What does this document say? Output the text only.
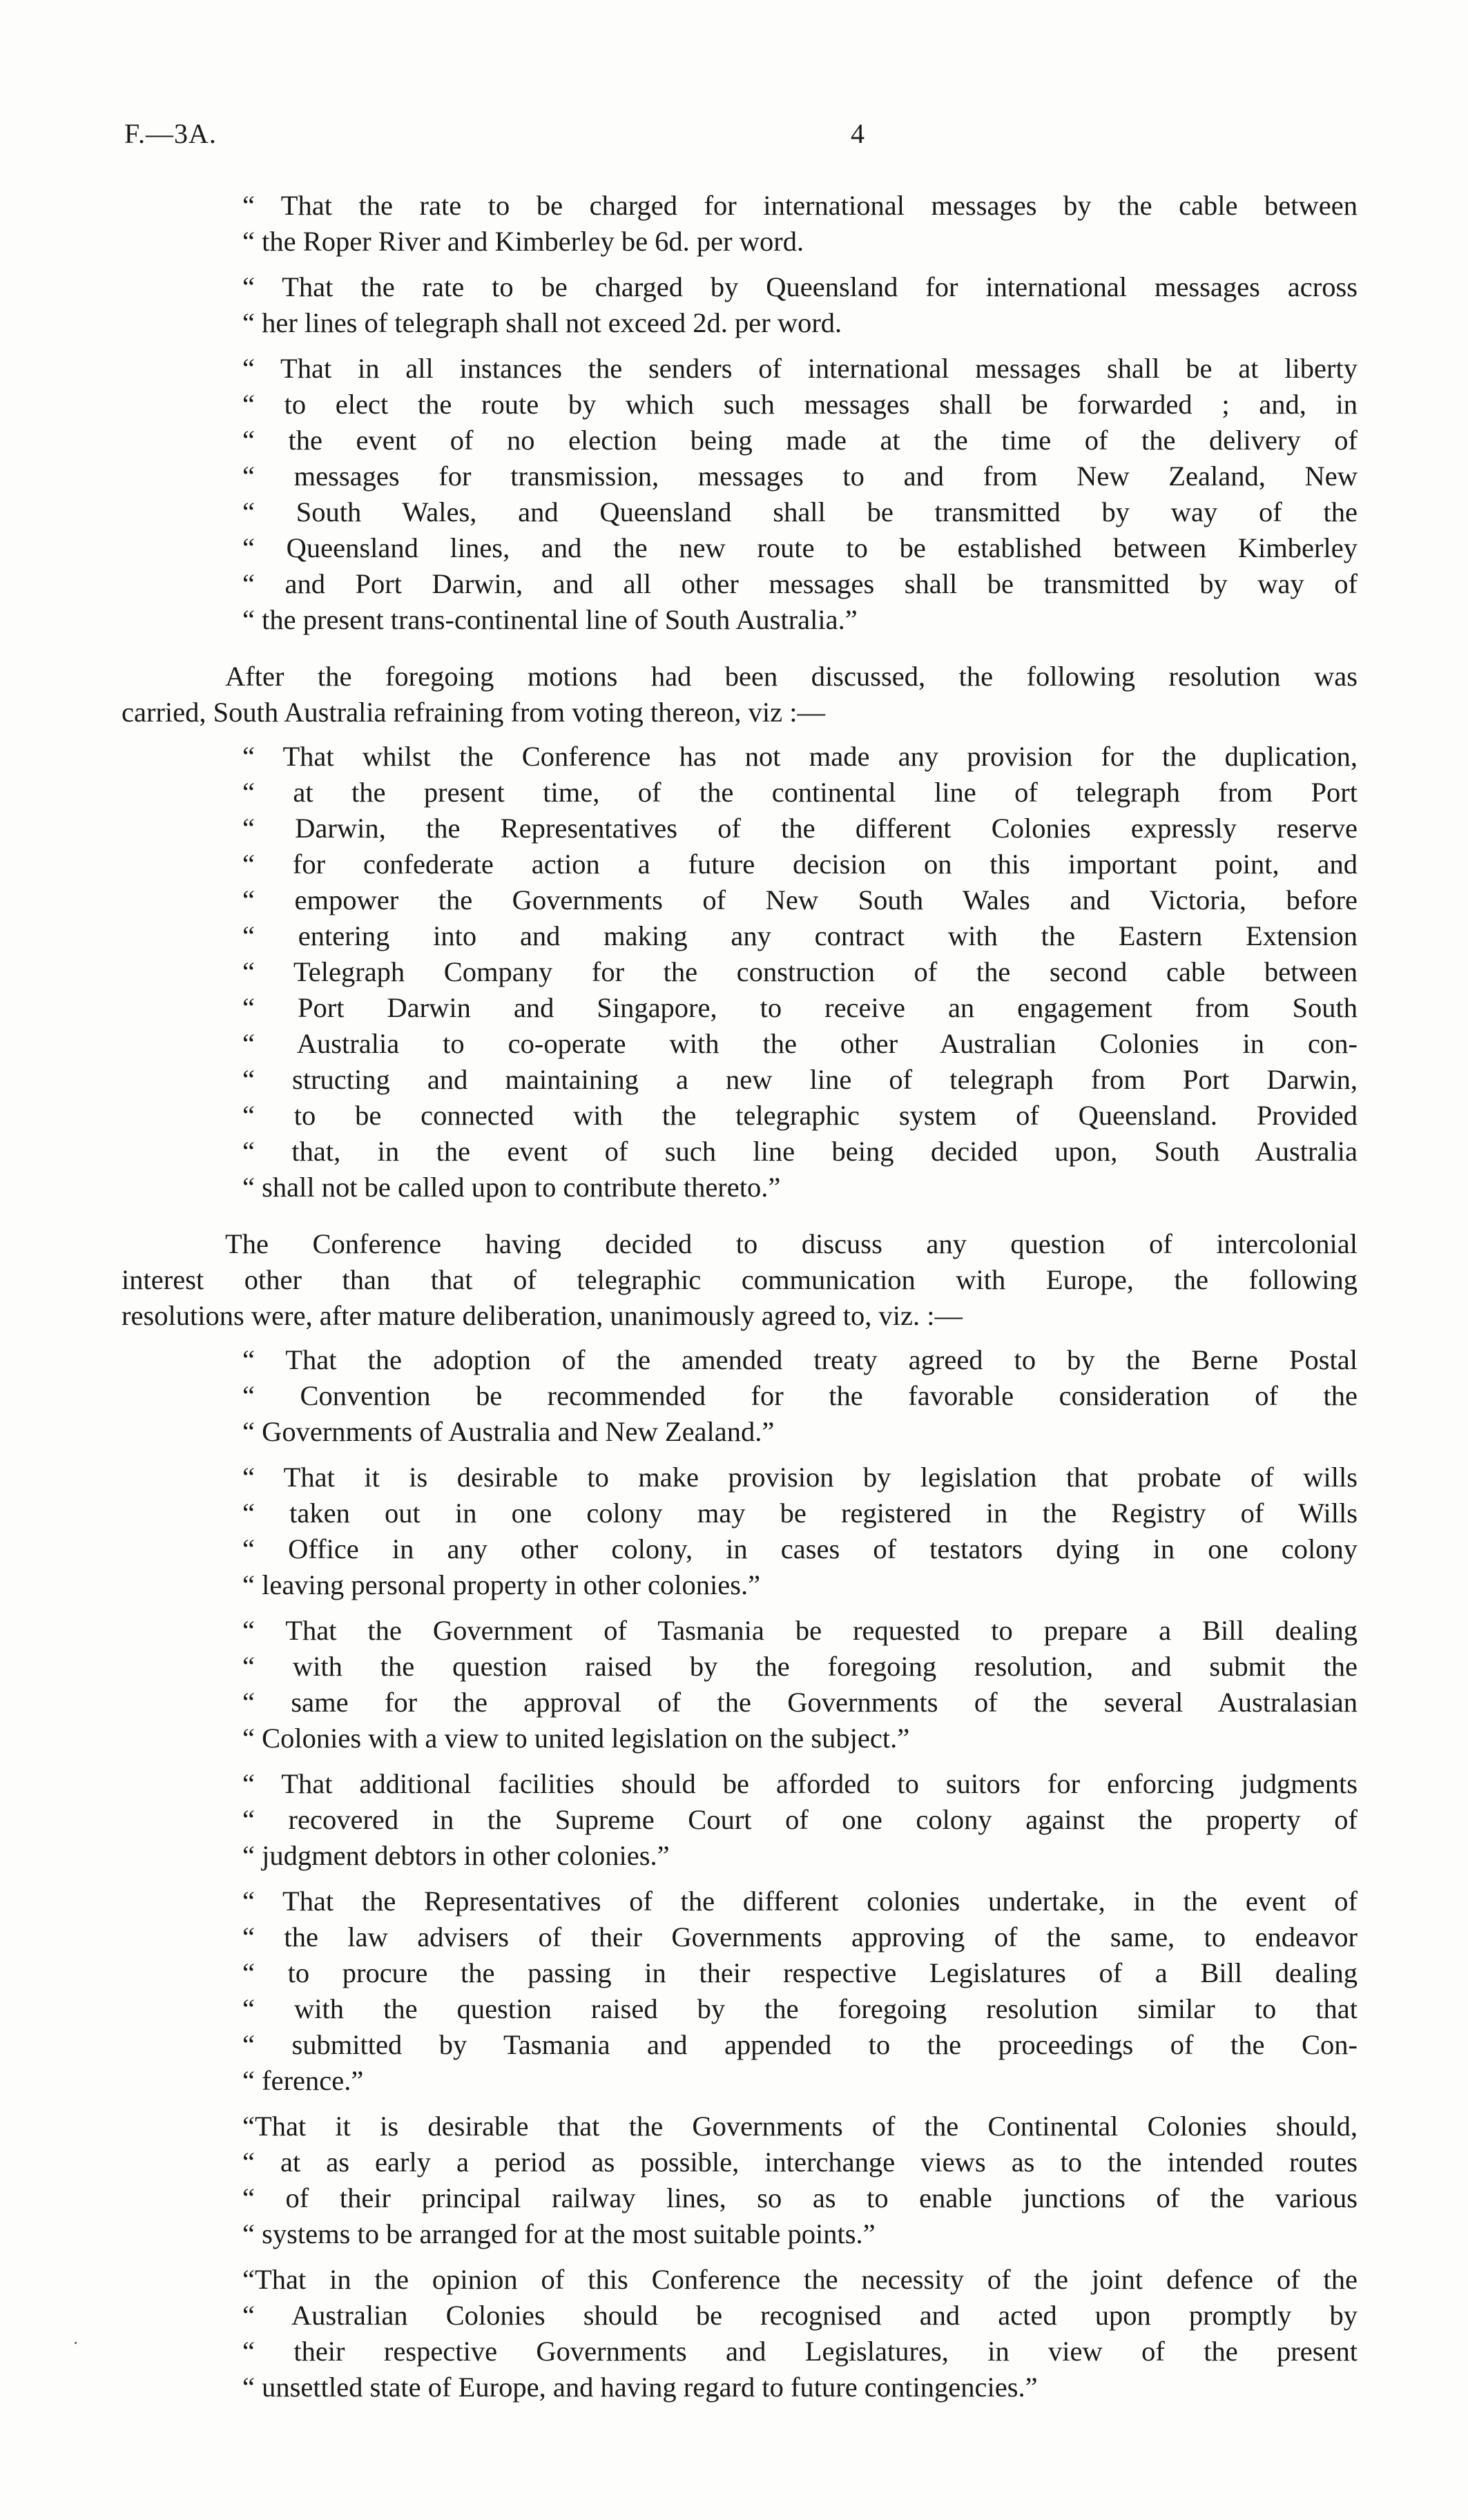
F.—3A.	4
“ That the rate to be charged for international messages by the cable between
“ the Roper River and Kimberley be 6d. per word.
“ That the rate to be charged by Queensland for international messages across
“ her lines of telegraph shall not exceed 2d. per word.
“ That in all instances the senders of international messages shall be at liberty
“ to elect the route by which such messages shall be forwarded ; and, in
“ the event of no election being made at the time of the delivery of
“ messages for transmission, messages to and from New Zealand, New
“ South Wales, and Queensland shall be transmitted by way of the
“ Queensland lines, and the new route to be established between Kimberley
“ and Port Darwin, and all other messages shall be transmitted by way of
“ the present trans-continental line of South Australia.”
After the foregoing motions had been discussed, the following resolution was
carried, South Australia refraining from voting thereon, viz :—
“ That whilst the Conference has not made any provision for the duplication,
“ at the present time, of the continental line of telegraph from Port
“ Darwin, the Representatives of the different Colonies expressly reserve
“ for confederate action a future decision on this important point, and
“ empower the Governments of New South Wales and Victoria, before
“ entering into and making any contract with the Eastern Extension
“ Telegraph Company for the construction of the second cable between
“ Port Darwin and Singapore, to receive an engagement from South
“ Australia to co-operate with the other Australian Colonies in con-
“ structing and maintaining a new line of telegraph from Port Darwin,
“ to be connected with the telegraphic system of Queensland. Provided
“ that, in the event of such line being decided upon, South Australia
“ shall not be called upon to contribute thereto.”
The Conference having decided to discuss any question of intercolonial
interest other than that of telegraphic communication with Europe, the following
resolutions were, after mature deliberation, unanimously agreed to, viz. :—
“ That the adoption of the amended treaty agreed to by the Berne Postal
“ Convention be recommended for the favorable consideration of the
“ Governments of Australia and New Zealand.”
“ That it is desirable to make provision by legislation that probate of wills
“ taken out in one colony may be registered in the Registry of Wills
“ Office in any other colony, in cases of testators dying in one colony
“ leaving personal property in other colonies.”
“ That the Government of Tasmania be requested to prepare a Bill dealing
“ with the question raised by the foregoing resolution, and submit the
“ same for the approval of the Governments of the several Australasian
“ Colonies with a view to united legislation on the subject.”
“ That additional facilities should be afforded to suitors for enforcing judgments
“ recovered in the Supreme Court of one colony against the property of
“ judgment debtors in other colonies.”
“ That the Representatives of the different colonies undertake, in the event of
“ the law advisers of their Governments approving of the same, to endeavor
“ to procure the passing in their respective Legislatures of a Bill dealing
“ with the question raised by the foregoing resolution similar to that
“ submitted by Tasmania and appended to the proceedings of the Con-
“ ference.”
“That it is desirable that the Governments of the Continental Colonies should,
“ at as early a period as possible, interchange views as to the intended routes
“ of their principal railway lines, so as to enable junctions of the various
“ systems to be arranged for at the most suitable points.”
“That in the opinion of this Conference the necessity of the joint defence of the
“ Australian Colonies should be recognised and acted upon promptly by
“ their respective Governments and Legislatures, in view of the present
“ unsettled state of Europe, and having regard to future contingencies.”
